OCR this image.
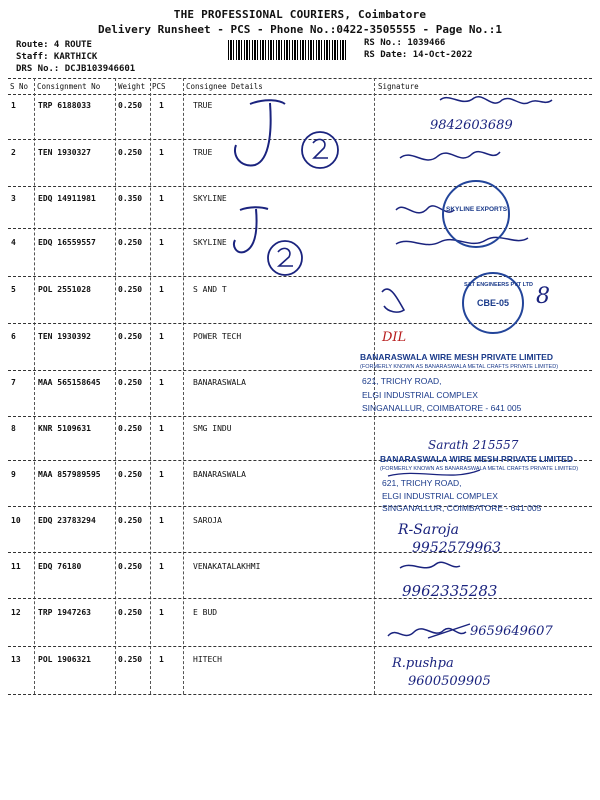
THE PROFESSIONAL COURIERS, Coimbatore
Delivery Runsheet - PCS - Phone No.:0422-3505555 - Page No.:1
Route: 4 ROUTE
Staff: KARTHICK
DRS No.: DCJB103946601
RS No.: 1039466
RS Date: 14-Oct-2022
S No Consignment No Weight PCS	Consignee Details	Signature
1	TRP 6188033	0.250 1	TRUE
2	TEN 1930327	0.250 1	TRUE
3	EDQ 14911981	0.350 1	SKYLINE
4	EDQ 16559557	0.250 1	SKYLINE
5	POL 2551028	0.250 1	S AND T
6	TEN 1930392	0.250 1	POWER TECH
7	MAA 565158645 0.250 1	BANARASWALA
8	KNR 5109631	0.250 1	SMG INDU
9	MAA 857989595 0.250 1	BANARASWALA
10 EDQ 23783294	0.250 1	SAROJA
11 EDQ 76180	0.250 1	VENAKATALAKHMI
12 TRP 1947263	0.250 1	E BUD
13 POL 1906321	0.250 1	HITECH
9842603689
8
DIL
Sarath 215557
R-Saroja
9952579963
9962335283
9659649607
R.pushpa
9600509905
SKYLINE EXPORTS
S&T ENGINEERS PVT LTD
CBE-05
BANARASWALA WIRE MESH PRIVATE LIMITED
(FORMERLY KNOWN AS BANARASWALA METAL CRAFTS PRIVATE LIMITED)
621, TRICHY ROAD,
ELGI INDUSTRIAL COMPLEX
SINGANALLUR, COIMBATORE - 641 005
BANARASWALA WIRE MESH PRIVATE LIMITED
(FORMERLY KNOWN AS BANARASWALA METAL CRAFTS PRIVATE LIMITED)
621, TRICHY ROAD,
ELGI INDUSTRIAL COMPLEX
SINGANALLUR, COIMBATORE - 641 005
